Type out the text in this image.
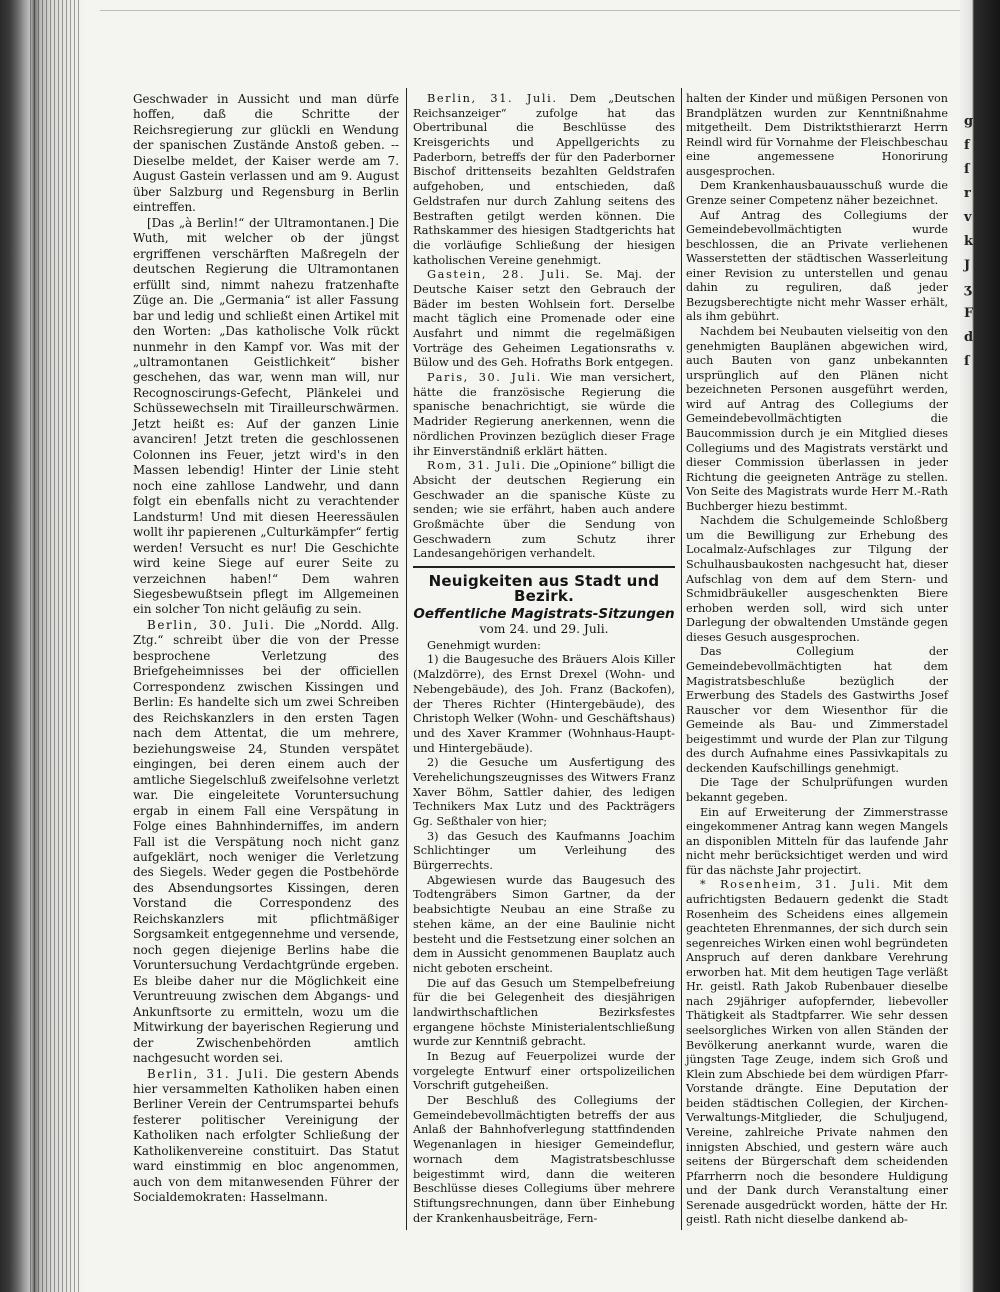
g
f
ſ
r
v
k
J
ʒ
F
d
ſ

Geschwader in Aussicht und man dürfe hoffen, daß die Schritte der Reichsregierung zur glückli en Wendung der spanischen Zustände Anstoß geben. -- Dieselbe meldet, der Kaiser werde am 7. August Gastein verlassen und am 9. August über Salzburg und Regensburg in Berlin eintreffen.

[Das „à Berlin!“ der Ultramontanen.] Die Wuth, mit welcher ob der jüngst ergriffenen verschärften Maßregeln der deutschen Regierung die Ultramontanen erfüllt sind, nimmt nahezu fratzenhafte Züge an. Die „Germania“ ist aller Fassung bar und ledig und schließt einen Artikel mit den Worten: „Das katholische Volk rückt nunmehr in den Kampf vor. Was mit der „ultramontanen Geistlichkeit“ bisher geschehen, das war, wenn man will, nur Recognoscirungs-Gefecht, Plänkelei und Schüssewechseln mit Tirailleurschwärmen. Jetzt heißt es: Auf der ganzen Linie avanciren! Jetzt treten die geschlossenen Colonnen ins Feuer, jetzt wird's in den Massen lebendig! Hinter der Linie steht noch eine zahllose Landwehr, und dann folgt ein ebenfalls nicht zu verachtender Landsturm! Und mit diesen Heeressäulen wollt ihr papierenen „Culturkämpfer“ fertig werden! Versucht es nur! Die Geschichte wird keine Siege auf eurer Seite zu verzeichnen haben!“ Dem wahren Siegesbewußtsein pflegt im Allgemeinen ein solcher Ton nicht geläufig zu sein.

Berlin, 30. Juli. Die „Nordd. Allg. Ztg.“ schreibt über die von der Presse besprochene Verletzung des Briefgeheimnisses bei der officiellen Correspondenz zwischen Kissingen und Berlin: Es handelte sich um zwei Schreiben des Reichskanzlers in den ersten Tagen nach dem Attentat, die um mehrere, beziehungsweise 24, Stunden verspätet eingingen, bei deren einem auch der amtliche Siegelschluß zweifelsohne verletzt war. Die eingeleitete Voruntersuchung ergab in einem Fall eine Verspätung in Folge eines Bahnhinderniffes, im andern Fall ist die Verspätung noch nicht ganz aufgeklärt, noch weniger die Verletzung des Siegels. Weder gegen die Postbehörde des Absendungsortes Kissingen, deren Vorstand die Correspondenz des Reichskanzlers mit pflichtmäßiger Sorgsamkeit entgegennehme und versende, noch gegen diejenige Berlins habe die Voruntersuchung Verdachtgründe ergeben. Es bleibe daher nur die Möglichkeit eine Veruntreuung zwischen dem Abgangs- und Ankunftsorte zu ermitteln, wozu um die Mitwirkung der bayerischen Regierung und der Zwischenbehörden amtlich nachgesucht worden sei.

Berlin, 31. Juli. Die gestern Abends hier versammelten Katholiken haben einen Berliner Verein der Centrumspartei behufs festerer politischer Vereinigung der Katholiken nach erfolgter Schließung der Katholikenvereine constituirt. Das Statut ward einstimmig en bloc angenommen, auch von dem mitanwesenden Führer der Socialdemokraten: Hasselmann.

Berlin, 31. Juli. Dem „Deutschen Reichsanzeiger“ zufolge hat das Obertribunal die Beschlüsse des Kreisgerichts und Appellgerichts zu Paderborn, betreffs der für den Paderborner Bischof drittenseits bezahlten Geldstrafen aufgehoben, und entschieden, daß Geldstrafen nur durch Zahlung seitens des Bestraften getilgt werden können. Die Rathskammer des hiesigen Stadtgerichts hat die vorläufige Schließung der hiesigen katholischen Vereine genehmigt.

Gastein, 28. Juli. Se. Maj. der Deutsche Kaiser setzt den Gebrauch der Bäder im besten Wohlsein fort. Derselbe macht täglich eine Promenade oder eine Ausfahrt und nimmt die regelmäßigen Vorträge des Geheimen Legationsraths v. Bülow und des Geh. Hofraths Bork entgegen.

Paris, 30. Juli. Wie man versichert, hätte die französische Regierung die spanische benachrichtigt, sie würde die Madrider Regierung anerkennen, wenn die nördlichen Provinzen bezüglich dieser Frage ihr Einverständniß erklärt hätten.

Rom, 31. Juli. Die „Opinione“ billigt die Absicht der deutschen Regierung ein Geschwader an die spanische Küste zu senden; wie sie erfährt, haben auch andere Großmächte über die Sendung von Geschwadern zum Schutz ihrer Landesangehörigen verhandelt.

Neuigkeiten aus Stadt und Bezirk.
Oeffentliche Magistrats-Sitzungen
vom 24. und 29. Juli.

Genehmigt wurden:

1) die Baugesuche des Bräuers Alois Killer (Malzdörre), des Ernst Drexel (Wohn- und Nebengebäude), des Joh. Franz (Backofen), der Theres Richter (Hintergebäude), des Christoph Welker (Wohn- und Geschäftshaus) und des Xaver Krammer (Wohnhaus-Haupt- und Hintergebäude).

2) die Gesuche um Ausfertigung des Verehelichungszeugnisses des Witwers Franz Xaver Böhm, Sattler dahier, des ledigen Technikers Max Lutz und des Packträgers Gg. Seßthaler von hier;

3) das Gesuch des Kaufmanns Joachim Schlichtinger um Verleihung des Bürgerrechts.

Abgewiesen wurde das Baugesuch des Todtengräbers Simon Gartner, da der beabsichtigte Neubau an eine Straße zu stehen käme, an der eine Baulinie nicht besteht und die Festsetzung einer solchen an dem in Aussicht genommenen Bauplatz auch nicht geboten erscheint.

Die auf das Gesuch um Stempelbefreiung für die bei Gelegenheit des diesjährigen landwirthschaftlichen Bezirksfestes ergangene höchste Ministerialentschließung wurde zur Kenntniß gebracht.

In Bezug auf Feuerpolizei wurde der vorgelegte Entwurf einer ortspolizeilichen Vorschrift gutgeheißen.

Der Beschluß des Collegiums der Gemeindebevollmächtigten betreffs der aus Anlaß der Bahnhofverlegung stattfindenden Wegenanlagen in hiesiger Gemeindeflur, wornach dem Magistratsbeschlusse beigestimmt wird, dann die weiteren Beschlüsse dieses Collegiums über mehrere Stiftungsrechnungen, dann über Einhebung der Krankenhausbeiträge, Fern-

halten der Kinder und müßigen Personen von Brandplätzen wurden zur Kenntnißnahme mitgetheilt. Dem Distriktsthierarzt Herrn Reindl wird für Vornahme der Fleischbeschau eine angemessene Honorirung ausgesprochen.

Dem Krankenhausbauausschuß wurde die Grenze seiner Competenz näher bezeichnet.

Auf Antrag des Collegiums der Gemeindebevollmächtigten wurde beschlossen, die an Private verliehenen Wasserstetten der städtischen Wasserleitung einer Revision zu unterstellen und genau dahin zu reguliren, daß jeder Bezugsberechtigte nicht mehr Wasser erhält, als ihm gebührt.

Nachdem bei Neubauten vielseitig von den genehmigten Bauplänen abgewichen wird, auch Bauten von ganz unbekannten ursprünglich auf den Plänen nicht bezeichneten Personen ausgeführt werden, wird auf Antrag des Collegiums der Gemeindebevollmächtigten die Baucommission durch je ein Mitglied dieses Collegiums und des Magistrats verstärkt und dieser Commission überlassen in jeder Richtung die geeigneten Anträge zu stellen. Von Seite des Magistrats wurde Herr M.-Rath Buchberger hiezu bestimmt.

Nachdem die Schulgemeinde Schloßberg um die Bewilligung zur Erhebung des Localmalz-Aufschlages zur Tilgung der Schulhausbaukosten nachgesucht hat, dieser Aufschlag von dem auf dem Stern- und Schmidbräukeller ausgeschenkten Biere erhoben werden soll, wird sich unter Darlegung der obwaltenden Umstände gegen dieses Gesuch ausgesprochen.

Das Collegium der Gemeindebevollmächtigten hat dem Magistratsbeschluße bezüglich der Erwerbung des Stadels des Gastwirths Josef Rauscher vor dem Wiesenthor für die Gemeinde als Bau- und Zimmerstadel beigestimmt und wurde der Plan zur Tilgung des durch Aufnahme eines Passivkapitals zu deckenden Kaufschillings genehmigt.

Die Tage der Schulprüfungen wurden bekannt gegeben.

Ein auf Erweiterung der Zimmerstrasse eingekommener Antrag kann wegen Mangels an disponiblen Mitteln für das laufende Jahr nicht mehr berücksichtiget werden und wird für das nächste Jahr projectirt.

* Rosenheim, 31. Juli. Mit dem aufrichtigsten Bedauern gedenkt die Stadt Rosenheim des Scheidens eines allgemein geachteten Ehrenmannes, der sich durch sein segenreiches Wirken einen wohl begründeten Anspruch auf deren dankbare Verehrung erworben hat. Mit dem heutigen Tage verläßt Hr. geistl. Rath Jakob Rubenbauer dieselbe nach 29jähriger aufopfernder, liebevoller Thätigkeit als Stadtpfarrer. Wie sehr dessen seelsorgliches Wirken von allen Ständen der Bevölkerung anerkannt wurde, waren die jüngsten Tage Zeuge, indem sich Groß und Klein zum Abschiede bei dem würdigen Pfarr-Vorstande drängte. Eine Deputation der beiden städtischen Collegien, der Kirchen-Verwaltungs-Mitglieder, die Schuljugend, Vereine, zahlreiche Private nahmen den innigsten Abschied, und gestern wäre auch seitens der Bürgerschaft dem scheidenden Pfarrherrn noch die besondere Huldigung und der Dank durch Veranstaltung einer Serenade ausgedrückt worden, hätte der Hr. geistl. Rath nicht dieselbe dankend ab-
